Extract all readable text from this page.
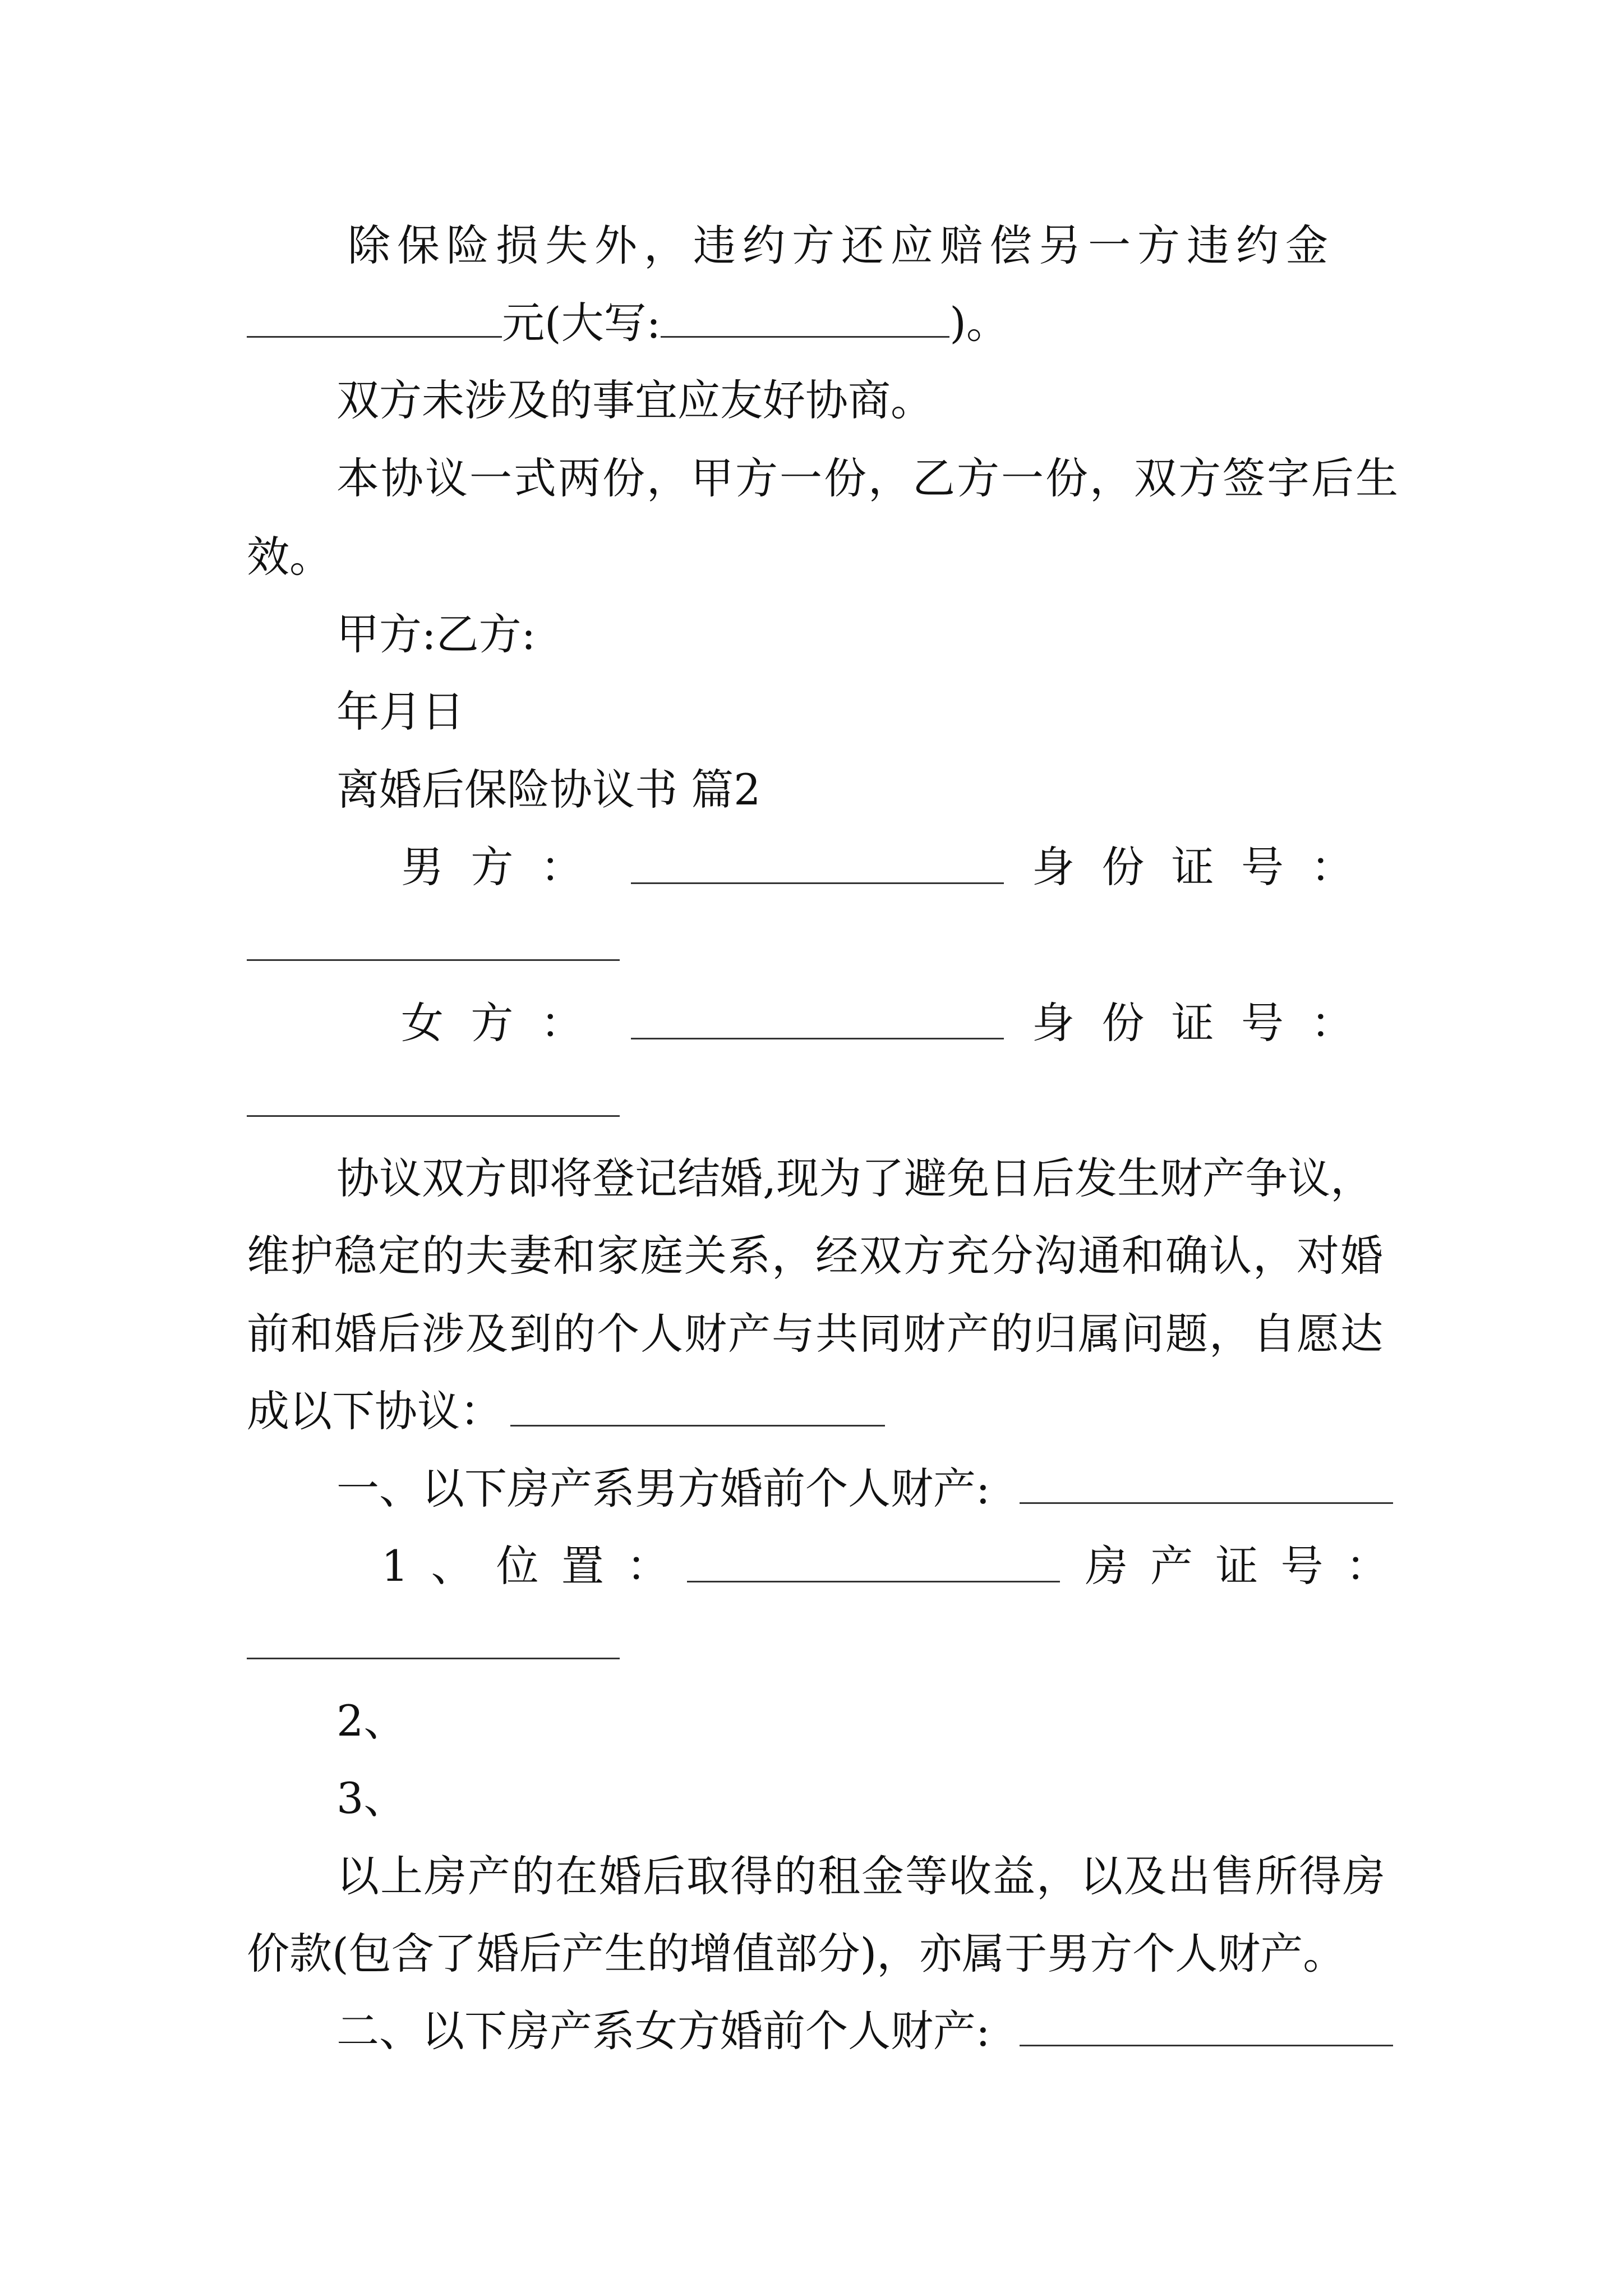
除保险损失外，违约方还应赔偿另一方违约金
元(大写:	)。
双方未涉及的事宜应友好协商。
本协议一式两份，甲方一份，乙方一份，双方签字后生
效。
甲方:乙方:
年月日
离婚后保险协议书 篇2
男  方  ：	身  份  证  号  ：
女  方  ：	身  份  证  号  ：
协议双方即将登记结婚,现为了避免日后发生财产争议，
维护稳定的夫妻和家庭关系，经双方充分沟通和确认，对婚
前和婚后涉及到的个人财产与共同财产的归属问题，自愿达
成以下协议：
一、以下房产系男方婚前个人财产:
1 、 位 置 ：	房 产 证 号 ：
2、
3、
以上房产的在婚后取得的租金等收益，以及出售所得房
价款(包含了婚后产生的增值部分)，亦属于男方个人财产。
二、以下房产系女方婚前个人财产:
